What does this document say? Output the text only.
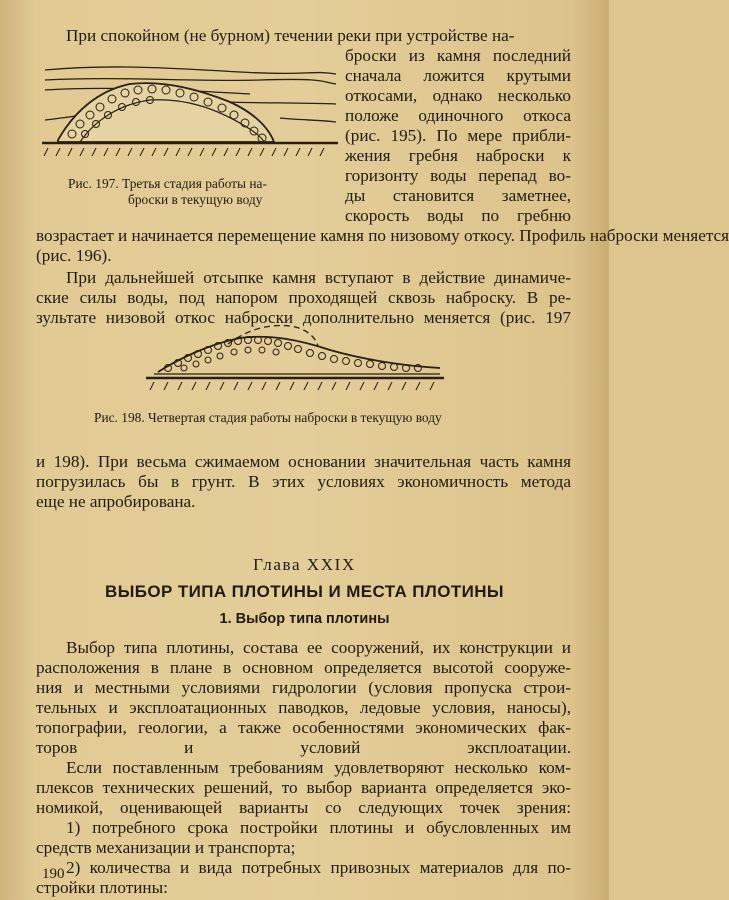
При спокойном (не бурном) течении реки при устройстве на-
броски из камня последний
сначала ложится крутыми
откосами, однако несколько
положе одиночного откоса
(рис. 195). По мере прибли-
жения гребня наброски к
горизонту воды перепад во-
ды становится заметнее,
скорость воды по гребню
Рис. 197. Третья стадия работы на-
броски в текущую воду
возрастает и начинается перемещение камня по низовому откосу. Профиль наброски меняется
(рис. 196).
При дальнейшей отсыпке камня вступают в действие динамиче-
ские силы воды, под напором проходящей сквозь наброску. В ре-
зультате низовой откос наброски дополнительно меняется (рис. 197
Рис. 198. Четвертая стадия работы наброски в текущую воду
и 198). При весьма сжимаемом основании значительная часть камня
погрузилась бы в грунт. В этих условиях экономичность метода
еще не апробирована.
Глава XXIX
ВЫБОР ТИПА ПЛОТИНЫ И МЕСТА ПЛОТИНЫ
1. Выбор типа плотины
Выбор типа плотины, состава ее сооружений, их конструкции и
расположения в плане в основном определяется высотой сооруже-
ния и местными условиями гидрологии (условия пропуска строи-
тельных и эксплоатационных паводков, ледовые условия, наносы),
топографии, геологии, а также особенностями экономических фак-
торов и условий эксплоатации.
Если поставленным требованиям удовлетворяют несколько ком-
плексов технических решений, то выбор варианта определяется эко-
номикой, оценивающей варианты со следующих точек зрения:
1) потребного срока постройки плотины и обусловленных им
средств механизации и транспорта;
2) количества и вида потребных привозных материалов для по-
стройки плотины:
190
